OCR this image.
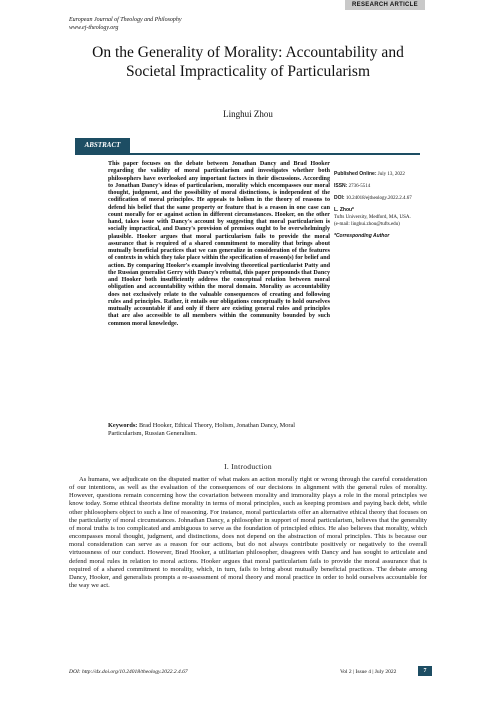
RESEARCH ARTICLE
European Journal of Theology and Philosophy
www.ej-theology.org
On the Generality of Morality: Accountability and Societal Impracticality of Particularism
Linghui Zhou
ABSTRACT
This paper focuses on the debate between Jonathan Dancy and Brad Hooker regarding the validity of moral particularism and investigates whether both philosophers have overlooked any important factors in their discussions. According to Jonathan Dancy's ideas of particularism, morality which encompasses our moral thought, judgment, and the possibility of moral distinctions, is independent of the codification of moral principles. He appeals to holism in the theory of reasons to defend his belief that the same property or feature that is a reason in one case can count morally for or against action in different circumstances. Hooker, on the other hand, takes issue with Dancy's account by suggesting that moral particularism is socially impractical, and Dancy's provision of premises ought to be overwhelmingly plausible. Hooker argues that moral particularism fails to provide the moral assurance that is required of a shared commitment to morality that brings about mutually beneficial practices that we can generalize in consideration of the features of contexts in which they take place within the specification of reason(s) for belief and action. By comparing Hooker's example involving theoretical particularist Patty and the Russian generalist Gerry with Dancy's rebuttal, this paper propounds that Dancy and Hooker both insufficiently address the conceptual relation between moral obligation and accountability within the moral domain. Morality as accountability does not exclusively relate to the valuable consequences of creating and following rules and principles. Rather, it entails our obligations conceptually to hold ourselves mutually accountable if and only if there are existing general rules and principles that are also accessible to all members within the community bounded by such common moral knowledge.
Published Online: July 13, 2022
ISSN: 2736-5514
DOI: 10.24018/ejtheology.2022.2.4.67
L. Zhou*
Tufts University, Medford, MA, USA.
(e-mail: linghui.zhou@tufts.edu)
*Corresponding Author
Keywords: Brad Hooker, Ethical Theory, Holism, Jonathan Dancy, Moral Particularism, Russian Generalism.
I. Introduction
As humans, we adjudicate on the disputed matter of what makes an action morally right or wrong through the careful consideration of our intentions, as well as the evaluation of the consequences of our decisions in alignment with the general rules of morality. However, questions remain concerning how the covariation between morality and immorality plays a role in the moral principles we know today. Some ethical theorists define morality in terms of moral principles, such as keeping promises and paying back debt, while other philosophers object to such a line of reasoning. For instance, moral particularists offer an alternative ethical theory that focuses on the particularity of moral circumstances. Johnathan Dancy, a philosopher in support of moral particularism, believes that the generality of moral truths is too complicated and ambiguous to serve as the foundation of principled ethics. He also believes that morality, which encompasses moral thought, judgment, and distinctions, does not depend on the abstraction of moral principles. This is because our moral consideration can serve as a reason for our actions, but do not always contribute positively or negatively to the overall virtuousness of our conduct. However, Brad Hooker, a utilitarian philosopher, disagrees with Dancy and has sought to articulate and defend moral rules in relation to moral actions. Hooker argues that moral particularism fails to provide the moral assurance that is required of a shared commitment to morality, which, in turn, fails to bring about mutually beneficial practices. The debate among Dancy, Hooker, and generalists prompts a re-assessment of moral theory and moral practice in order to hold ourselves accountable for the way we act.
DOI: http://dx.doi.org/10.24018/theology.2022.2.4.67	Vol 2 | Issue 4 | July 2022	7
